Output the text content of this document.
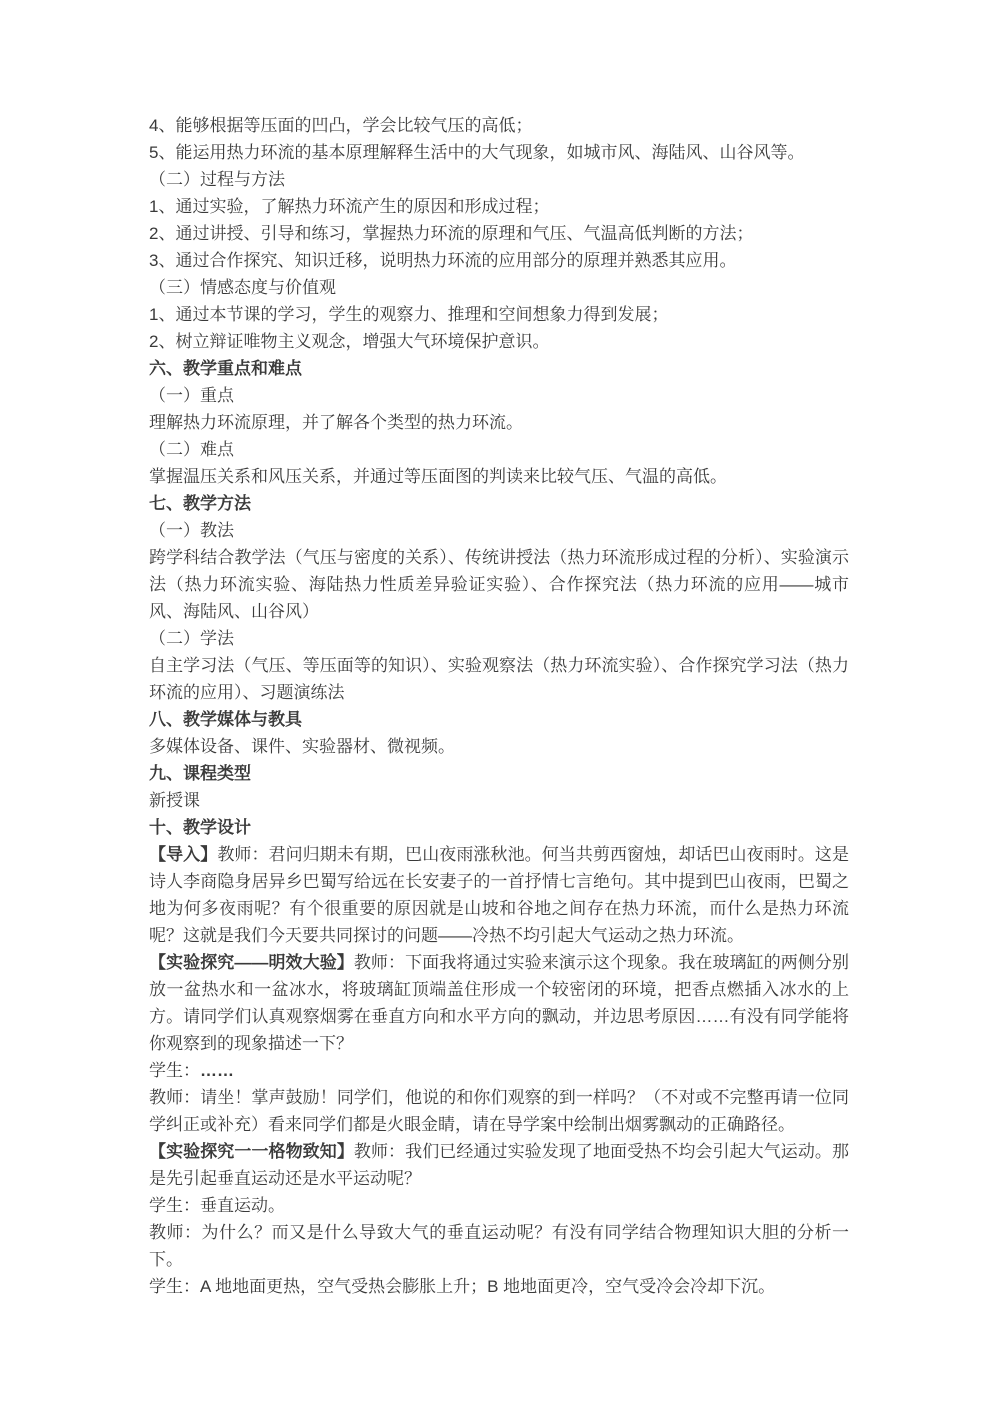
4、能够根据等压面的凹凸，学会比较气压的高低；

5、能运用热力环流的基本原理解释生活中的大气现象，如城市风、海陆风、山谷风等。

（二）过程与方法

1、通过实验，了解热力环流产生的原因和形成过程；

2、通过讲授、引导和练习，掌握热力环流的原理和气压、气温高低判断的方法；

3、通过合作探究、知识迁移，说明热力环流的应用部分的原理并熟悉其应用。

（三）情感态度与价值观

1、通过本节课的学习，学生的观察力、推理和空间想象力得到发展；

2、树立辩证唯物主义观念，增强大气环境保护意识。

六、教学重点和难点

（一）重点

理解热力环流原理，并了解各个类型的热力环流。

（二）难点

掌握温压关系和风压关系，并通过等压面图的判读来比较气压、气温的高低。

七、教学方法

（一）教法

跨学科结合教学法（气压与密度的关系）、传统讲授法（热力环流形成过程的分析）、实验演示法（热力环流实验、海陆热力性质差异验证实验）、合作探究法（热力环流的应用——城市风、海陆风、山谷风）

（二）学法

自主学习法（气压、等压面等的知识）、实验观察法（热力环流实验）、合作探究学习法（热力环流的应用）、习题演练法

八、教学媒体与教具

多媒体设备、课件、实验器材、微视频。

九、课程类型

新授课

十、教学设计

【导入】教师：君问归期未有期，巴山夜雨涨秋池。何当共剪西窗烛，却话巴山夜雨时。这是诗人李商隐身居异乡巴蜀写给远在长安妻子的一首抒情七言绝句。其中提到巴山夜雨，巴蜀之地为何多夜雨呢？有个很重要的原因就是山坡和谷地之间存在热力环流，而什么是热力环流呢？这就是我们今天要共同探讨的问题——冷热不均引起大气运动之热力环流。

【实验探究——明效大验】教师：下面我将通过实验来演示这个现象。我在玻璃缸的两侧分别放一盆热水和一盆冰水，将玻璃缸顶端盖住形成一个较密闭的环境，把香点燃插入冰水的上方。请同学们认真观察烟雾在垂直方向和水平方向的飘动，并边思考原因……有没有同学能将你观察到的现象描述一下？

学生：……

教师：请坐！掌声鼓励！同学们，他说的和你们观察的到一样吗？（不对或不完整再请一位同学纠正或补充）看来同学们都是火眼金睛，请在导学案中绘制出烟雾飘动的正确路径。

【实验探究一一格物致知】教师：我们已经通过实验发现了地面受热不均会引起大气运动。那是先引起垂直运动还是水平运动呢？

学生：垂直运动。

教师：为什么？而又是什么导致大气的垂直运动呢？有没有同学结合物理知识大胆的分析一下。

学生：A 地地面更热，空气受热会膨胀上升；B 地地面更冷，空气受冷会冷却下沉。
